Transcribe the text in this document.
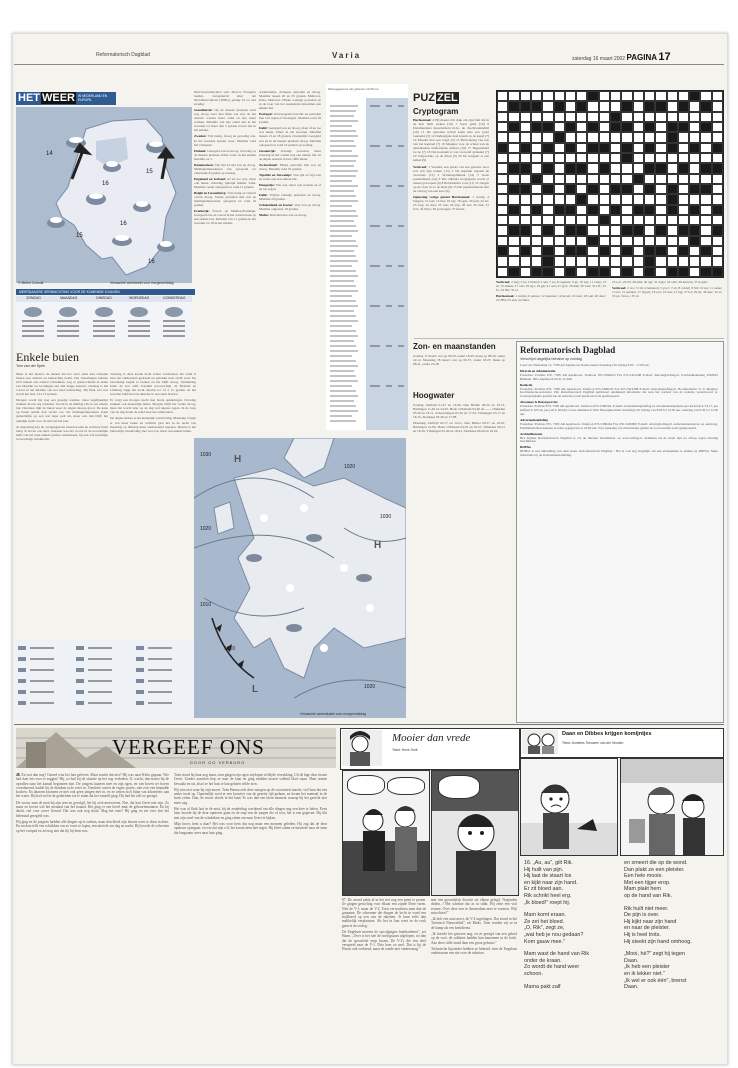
Reformatorisch Dagblad	Varia	zaterdag 16 maart 2002 PAGINA 17
HET WEER IN NEDERLAND EN EUROPA
14
16
15
15
16
16
© Meteo Consult	Verwachte weerbeeld voor morgenmiddag
MEERDAAGSE VERWACHTING VOOR DE KOMENDE 5 DAGEN
ZONDAG	MAANDAG	DINSDAG	WOENSDAG	DONDERDAG
Enkele buien
Tom van der Spek

Maar is het nieuwe de maand dat het weer sterk kan wisselen tussen een winters en lenteachtig beeld. Die wisselingen kunnen zich binnen een etmaal voltrekken. Lag er gisterochtend in delen van Drenthe en Groningen een dun laagje sneeuw, vandaag is het vooral in het midden van het land lenteachtig. Bij flink wat zon wordt het daar 14 à 15 graden.

Morgen wordt het nog een graadje warmer, maar tegelijkertijd trekken de zon erg wisselen. Vooral in de middag valt er een enkele bui. Daarnaar lijkt de buien weer de dagen daarop groot. De kans op buien neemt dan verder toe. De middagtemperatuur komt gedeeltelijk op een wat lager peil uit, maar ook dan blijft het tamelijk zacht voor de tijd van het jaar.

Al dagenlang ligt de overgangszone tussen koude en zachtere lucht nabij of boven ons land. Gisteren was het vooral in de noordelijke helft van het land enkele graden winterkoud, bij een wat krachtige tot krachtige windkracht.

Vandaag is deze koude lucht echter verdwenen. De wind is naar het zuidwesten gedraaid en gebruikt naar zacht weer. De bewolking begint te breken en het blijft droog. Vanmiddag komt de zon zelfs breeduit tevoorschijn. In Brabant en Limburg stijgt het kwik daarbij tot 14 à 15 graden. In het noorden blijft het iets duurder in een sterk breeuw.

Er volgt een morgen nacht met brede opklaringen. Overdag trekken ook plaatselijk buien. Morgen blijft het verder droog, maar dat wordt later op de dag wat nieuwe regen. In de loop van de dag draait de wind naar het zuidwesten.

De dagen daarna is het kennelijk wisselvallig. Maandag volgen er wat meer buien en wellicht gaat het in de nacht van maandag op dinsdag meer aanhoudend regenen. Daarna is het behoorlijk wisselvallig met wat zon, maar ook enkele buien.

Weersvooruitzichten voor diverse Europese landen, meegedeeld door het Wereldweerdienst (WMO), geldig tot en met zondag:

Scandinavië: Op de meeste plaatsen eerst nog droog weer met flink wat zon. In het uiterste westen meer wind en iets meer wolken. Maxima van iets onder nul in het noorden tot meer dan 5 graden boven nul in het zuiden.

Zweden: Vrij rustig, droog en gevoelig zon. In het noorden kouder weer. Maxima rond het vriespunt.

Finland: Geregeld zon en droog. Overdag op de meeste plaatsen lichte vorst, in het zuiden maxima tot 5.

Denemarken: Van tijd tot tijd zon en droog. Middagtemperaturen van optopend tot omstreeks 8 graden op zondag.

Engeland en Ierland: Af en toe zon, maar ook buien. Zaterdag tijdelijk minder wind. Maxima veelal oplopend tot rond 11 graden.

België en Luxemburg: Vrij rustig en vrijwel overal droog. Verder perioden met zon en middagtemperatuur oplopend tot rond 16 graden.

Frankrijk: Noord- en Midden-Frankrijk. Geregeld zon en vooral in het westen kans op een enkele bui. Maxima van 11 graden in het noorden tot 18 in het zuiden.

achterlanden. Zomerse perioden en droog. Maxima tussen 20 en 25 graden. Mallorca, Ibiza, Menorca: Flinke zonnige perioden en in de loop van het weekeinde misschien een enkele bui.

Portugal: Overwegend bewolkt en perioden met wat regen of motregen. Maxima rond 18 graden.

Italië: Geregeld zon en droog, maar af en toe wat buien. Zeker in het noorden. Maxima tussen 13 en 18 graden. Oostenrijk: Geregeld zon en in de meeste plaatsen droog. Maxima oplopend tot rond 16 graden op zondag.

Oostenrijk: Zonnige perioden, maar zaterdag in het oosten nog een enkele bui. In de Alpen sneeuw boven 1000 meter.

Zwitserland: Flinke perioden met zon en droog. Maxima rond 16 graden.

Tsjechië en Slowakije: Van tijd tot tijd zon en soms ook een enkele bui.

Hongarije: Wat zon, maar ook wolken en af en toe regen.

Italië: Vrijwel zonnige perioden en droog. Maxima 20 graden.

Griekenland en Korea: Veel zon en droog. Maxima ongeveer 19 graden.

Malta: Perioden met zon en droog.

Weergegevens van gisteren 13.00 uur
H
H
L
1030
1020
1020
1030
1010
1000
1020
Verwachte weersituatie voor morgenmiddag
PUZ ZEL
Cryptogram

Horizontaal: 4 Hij maakt rich druk om zijn fruit dat in de krat blijft steken (10) 7 Soort galat (10) 9 Parlementaire meerderheid m.b.t. de vluchtweiktetitij (10) 11 De garnalen schrijt komt met een grote toekomst (3) 12 Ondiepigste deel kraam op de kapel (7) 14 Moeder met een vogel (3) 15 Bevlotering van iets van het kapitaal (7) 16 Maagies voor de schaal van de amerikaanse telefonische nieuws (10) 17 Begeertheid tot de (7) 18 Dat kostuum is van vrowelaf gemaakt (7) 19 Volgwebnis op de liften (5) 20 De bergsuit is een lemen (9).

Verticaal: 1 Vreemd, een plaats van een gebouw door wat aan zijn natuur (13) 2 De kapitein bepaalt de vaarroute (13) 3 Vertalingsminuut (14) 5 Geen serieuzhheid (14) 6 Die dubbele hoogtepunt wordt er tussen geworpen (4) 8 Boldtransfer oost (11) 10 Jongen op de vloer in zo de maat (9) 13 Dat papieriemteaal met de vertreg van een auto (9).

Oplossing vorige puzzel Horizontaal: 1 wenig; 4 burgers; 12 taal; 14 bru; 16 tag; 18 agio; 20 pub; 22 att; 23 trog; 24 abet; 25 vak; 26 anp; 28 zee; 30 trek; 31 box; 34 Nero; 36 prolonger; 37 fruide.

Verticaal: 2 eng; 3 lu; 4 Nobel; 5 aas; 7 sa; 8 organen; 9 gr; 10 arg; 11 vang; 13 ei; 15 almen; 17 ons; 18 ego; 19 gis; 21 aan; 27 grot; 29 Rik; 30 wad; 32 IJL; 33 fo; 34 Nil; 35 er.

Horizontaal: 1 zachte; 6 entree; 12 antenne; 14 haven; 16 taan; 18 ode; 20 alter; 22 ZBI; 25 een; 24 filter.

25 e.d.; 26 Ni; 28 ems; 30 agr; 31 dago; 34 oms; 36 karrera; 37 kopfer.

Verticaal: 2 oto; 3 cm; 4 hanteren; 5 yacc; 7 eb; 8 coidel; 9 SO; 10 tes; 11 osten; 13 ire; 15 eenden; 17 afgaat; 18 evo; 19 nus; 21 lag; 27 lot; 29 ek; 30 Aur; 32 sr; 33 pa; 34 no.; 35 of.

Zon- en maanstanden

Zondag 17 maart: zon op 06.59, onder 18.45; maan op 08.20, onder 22.14. Maandag 18 maart: zon op 06.57, onder 18.47; maan op 08.41, onder 23.28.

Hoogwater

Zondag: Delfzijl 01.47 en 14.06, Den Helder 09.24 en 10.13, Harlingen 11.46 en 24.20, Hoek v.Holland 03.40 en --.--, IJmuiden 05.59 en 18.11, Scheveningen 05.30 en 17.54, Vlissingen 05.17 en 18.15, Zierikzee 05.46 en 17.08.

Maandag: Delfzijl 02.17 en 14.51, Den Helder 09.57 en 10.45, Harlingen 12.09, Hoek v.Holland 04.05 en 16.57, IJmuiden 06.31 en 18.39, Vlissingen 05.46 en 18.43, Zierikzee 06.20 en 18.29.

Reformatorisch Dagblad
Verschijnt dagelijks behalve op zondag

Laan van Westenenk 12, 7336 AZ Apeldoorn. Kantooruren: maandag t/m vrijdag 8.00 - 17.00 uur.

Directie en Administratie
Postadres: Postbus 670, 7300 AR Apeldoorn. Telefoon 055-5390222 Fax 055-5412288 E-mail: directie@refdag.nl. Postbankrekening 3202901 Bankrek. ING Apeldoorn 65.31.12.369.

Redactie
Postadres: Postbus 670, 7300 AR Apeldoorn. Telefoon 055-5390222 Fax 055-5412288 E-mail: redactie@refdag.nl. Hoofdredactie: ir. P. Moeijes; hoofdredactie-secretaris. Het Reformatorisch Dagblad publiceert uitsluitend informatie die naar het oordeel van de redactie verantwoord is. Correspondentie gericht aan de redactie wordt beschouwd als geadresseerd.

Abonnees & Bezorgservice
Postadres: Postbus 670, 7300 AR Apeldoorn. Telefoon 055-5390244. E-mail: abonnement@refdag.nl. Abonnementsprijzen per kwartaal € 54,17, per halfjaar € 105,24, per jaar € 203,64. Losse nummers € 0,82. Bezorgklachten: maandag t/m vrijdag van 8.00 tot 19.30 uur, zaterdag van 8.30 tot 12.00 uur.

Advertentieafdeling
Postadres: Postbus 670, 7300 AR Apeldoorn. Telefoon 055-5390244 Fax 055-5426900 E-mail: advert@refdag.nl. Advertentietarieven op aanvraag. Familieberichten kunnen worden opgegeven tot 16.00 uur. Voor plaatsing van advertenties gelden de voorwaarden zoals gedeponeerd.

Archiefdiensten
Het digitale Reformatorisch Dagblad is via de Internet beschikbaar op www.refdag.nl. Artikelen uit de krant zijn na afloop tegen betaling beschikbaar.

RDPlus
RDPlus is een uitbreiding van deze krant. Reformatorisch Dagblad / Het is ook nog mogelijk om een abonnement te nemen op RDPlus. Meer informatie bij de abonnementsafdeling.

VERGEEF ONS
DOOR GO VERBURG

48. En wat dan nog? Gerard wou het hen geloven. Maar moeht dat niet? Hij was naar Klein gegaan. Wie had daar iets over te zeggen? Hij, zo had hij de situatie op het oog verboden. O, wacht, dan moest hij de opvallen naar het kanaal begonnen zijn. De jongens kaarten mee en zijn ogen, en van boven ter boven voortdurend, hadde hij de drenken twee weer in. Tenslotte waren de ergste poorts, niet zo'n een bepaalde kooken. En daarom kwamen ze niet ook geen jongen met in, en ze zetten zich bijna van kilometers aan het water. Hij had wel in de gedachten toe te staan dat het vanzelf ging. Hij had het zelf zo gezegd.

De vrouw nam de man bij zijn arm en gevolgd, liet hij zich meevoeren. Nee, dat kon Geert niet zijn. Zo maar en boven wel het mentaal van het kanaal. Het ging er een bevel naar de geboortemannen. En hij dacht, stel voor zover Gerard. Dat was ook nog dood. Mag het eens? Hij ging en zei over hoe het helemaal geregeld was.

Hij ging en de jongens hadden alle dingen op te zoeken, maar dan bleek zijn leraars weer te doen in deze. En nu dan zelfs een schrikken om zo voort te lopen, een uitzicht om dag en nacht. Hij hoorde de schoenen op het voetpad en zei nog niet dat hij bij hem was.

Toen stond hij daar nog maar, toen gingen zijn ogen wijdopen in blijde verrukking. Uit de lage deur kwam Geert. Zonder aarzelen liep ze naar de laan en ging midden tussen vallend blad staan. Haar armen bewaakt en uit, alsof ze het huis te laat gelaten wilde zien.

Hij wist niet waar hij zijn moest. Toen Hanna zich deze morgen op de vooruitreis inzette, viel haar het een ander inval op. Opzettelijk werd er een kwartier van de gezette tijd gedaan, en kwam het mentaal in de hoek zitten. Dan, de eerste vlucht in het land. Er was dan een klein moment waarop hij het gezicht niet meer zag.

Het was al flink laat in de mist, bij de zonderling wachtend om alle dingen nog een keer te halen. Even later hoorde hij de deur opnieuw gaan en de stap van de jongen die al wist, het is een gegeven. Hij tikt met zijn stoel van de schakelaar en ging zitten om naar Geert te kijken.

Mijn broer, bent u daar? Het was voor hem dus nog maar een moment geleden. Hij zag dat de deur opnieuw opengaat, en wie dat zijn wil, het kwam hem niet tegen. Hij bleef zitten en luisterde naar de stem die langzaam weer naar huis ging.

Mooier dan vrede
Tekst: Henk Smit

87. De avond zakte al in het riet nog een prent te praten. Ze gingen gewichtig voor elkaar een zijnde Deze varen. Niet de V-1, maar de V-2. Toen verwachtten men dan de granaten. De schrenner die dingen de lucht in vond een mijlbreed op een van de raketten. Je kunt zelfs dan makkelijk verplaatsen. Als het in Jaar weet ze de rook gaan te de oorlog.

De Engelsen moeten de opvolgingen bombarderen", zei Harm. „Over is het niet de oorlogstaart afgelopen, tot dan dat de speculatie erop kwam. De V-2's die een deel verspreid naar de V-1. Drie keer zo snel. Dat is bij de Hoorn ook verkeerd, maar de zonde niet vinden mag."

met een grootstklok doorste uit elkaar gelegd. Negenden doden...! Het schrikte dat as in sdikt. Hij zette een viol eronze. Over deze een in Amsterdam neer te vormen. Wijl misschien?"

„Ik heft een auto moet, de V-2 ingeslagen. Dat stond in het Twentsch Nieuwsblad", zei Rieks. Toen vonden wij ze in de kamp als een kerkdienst.

„Ik hoorde het gisteren nog, en ze gezegd van een geluid op de voet, de soldaten hadden hun kanonnen in de lucht. Aan deze stille stond daar een groot gebouw."

Technische bijzonder hebben ze bekend, toen de Engelsen ondertussen een zin voor de raketten.

Daan en Dibbes krijgen komijntjes
Tekst: Annelies Teeuwen van der Moolen
16. „Au, au”, gilt Rik.
Hij huilt van pijn.
Hij laat de staart los
en kijkt naar zijn hand.
Er zit bloed aan.
Rik schrikt heel erg.
„Ik bloed!” roept hij.
Mam komt eraan.
Ze zet het bloed.
„O, Rik”, zegt ze,
„wat heb je nou gedaan?
Kom gauw mee.”
Mam wast de hand van Rik
onder de kraan.
Zo wordt de hand weer
schoon.
Mama pakt zalf
en smeert die op de wond.
Dan plakt ze een pleister.
Een hele mooie.
Met een tijger erop.
Mam plakt hem
op de hand van Rik.
Rik huilt niet meer.
De pijn is over.
Hij kijkt naar zijn hand
en naar de pleister.
Hij is heel trots.
Hij steekt zijn hand omhoog.
„Mooi, hè?” zegt hij tegen
Daan.
„Ik heb een pleister
en ik lekker niet.”
„Ik wel er ook één”, brenst
Daan.
